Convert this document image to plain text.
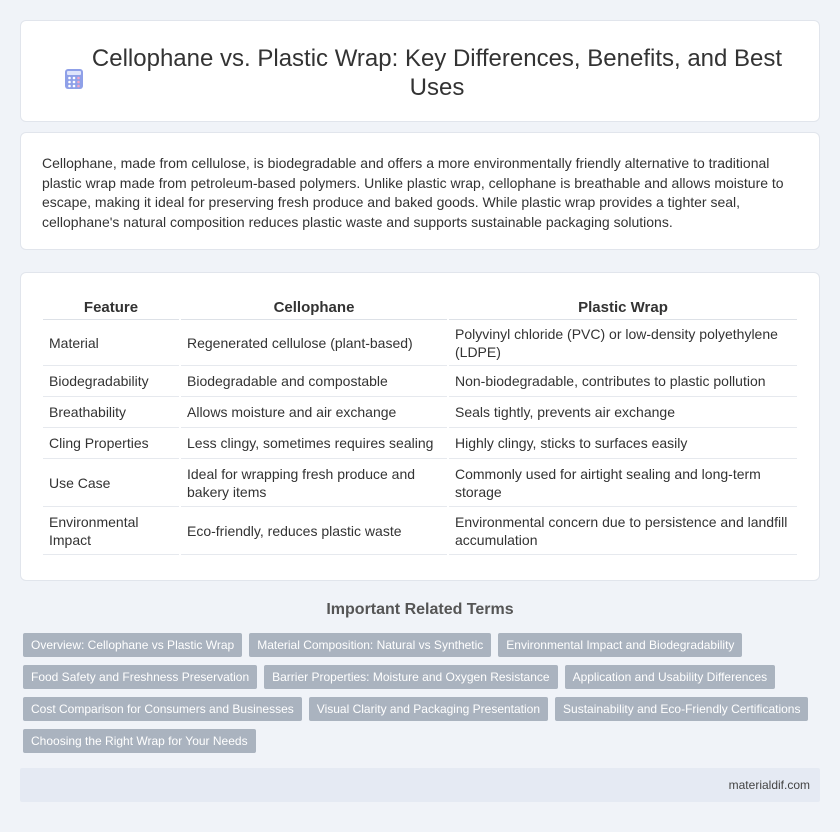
Cellophane vs. Plastic Wrap: Key Differences, Benefits, and Best Uses

Cellophane, made from cellulose, is biodegradable and offers a more environmentally friendly alternative to traditional plastic wrap made from petroleum-based polymers. Unlike plastic wrap, cellophane is breathable and allows moisture to escape, making it ideal for preserving fresh produce and baked goods. While plastic wrap provides a tighter seal, cellophane's natural composition reduces plastic waste and supports sustainable packaging solutions.

Feature	Cellophane	Plastic Wrap
Material	Regenerated cellulose (plant-based)	Polyvinyl chloride (PVC) or low-density polyethylene (LDPE)
Biodegradability	Biodegradable and compostable	Non-biodegradable, contributes to plastic pollution
Breathability	Allows moisture and air exchange	Seals tightly, prevents air exchange
Cling Properties	Less clingy, sometimes requires sealing	Highly clingy, sticks to surfaces easily
Use Case	Ideal for wrapping fresh produce and bakery items	Commonly used for airtight sealing and long-term storage
Environmental Impact	Eco-friendly, reduces plastic waste	Environmental concern due to persistence and landfill accumulation
Important Related Terms
Overview: Cellophane vs Plastic Wrap	Material Composition: Natural vs Synthetic	Environmental Impact and Biodegradability
Food Safety and Freshness Preservation	Barrier Properties: Moisture and Oxygen Resistance	Application and Usability Differences
Cost Comparison for Consumers and Businesses	Visual Clarity and Packaging Presentation	Sustainability and Eco-Friendly Certifications
Choosing the Right Wrap for Your Needs
materialdif.com
